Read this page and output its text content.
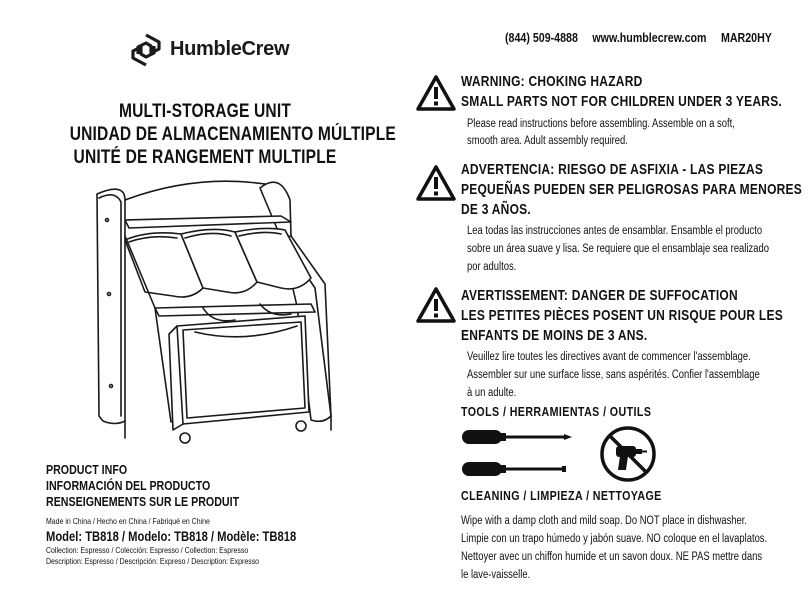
HumbleCrew
MULTI-STORAGE UNIT
UNIDAD DE ALMACENAMIENTO MÚLTIPLE
UNITÉ DE RANGEMENT MULTIPLE
PRODUCT INFO
INFORMACIÓN DEL PRODUCTO
RENSEIGNEMENTS SUR LE PRODUIT
Made in China / Hecho en China / Fabriqué en Chine
Model: TB818 / Modelo: TB818 / Modèle: TB818
Collection: Espresso / Colección: Espresso / Collection: Espresso
Description: Espresso / Descripción: Expreso / Description: Expresso
(844) 509-4888 www.humblecrew.com MAR20HY
WARNING: CHOKING HAZARD
SMALL PARTS NOT FOR CHILDREN UNDER 3 YEARS.
Please read instructions before assembling. Assemble on a soft,
smooth area. Adult assembly required.
ADVERTENCIA: RIESGO DE ASFIXIA - LAS PIEZAS
PEQUEÑAS PUEDEN SER PELIGROSAS PARA MENORES
DE 3 AÑOS.
Lea todas las instrucciones antes de ensamblar. Ensamble el producto
sobre un área suave y lisa. Se requiere que el ensamblaje sea realizado
por adultos.
AVERTISSEMENT: DANGER DE SUFFOCATION
LES PETITES PIÈCES POSENT UN RISQUE POUR LES
ENFANTS DE MOINS DE 3 ANS.
Veuillez lire toutes les directives avant de commencer l'assemblage.
Assembler sur une surface lisse, sans aspérités. Confier l'assemblage
à un adulte.
TOOLS / HERRAMIENTAS / OUTILS
CLEANING / LIMPIEZA / NETTOYAGE
Wipe with a damp cloth and mild soap. Do NOT place in dishwasher.
Limpie con un trapo húmedo y jabón suave. NO coloque en el lavaplatos.
Nettoyer avec un chiffon humide et un savon doux. NE PAS mettre dans
le lave-vaisselle.
